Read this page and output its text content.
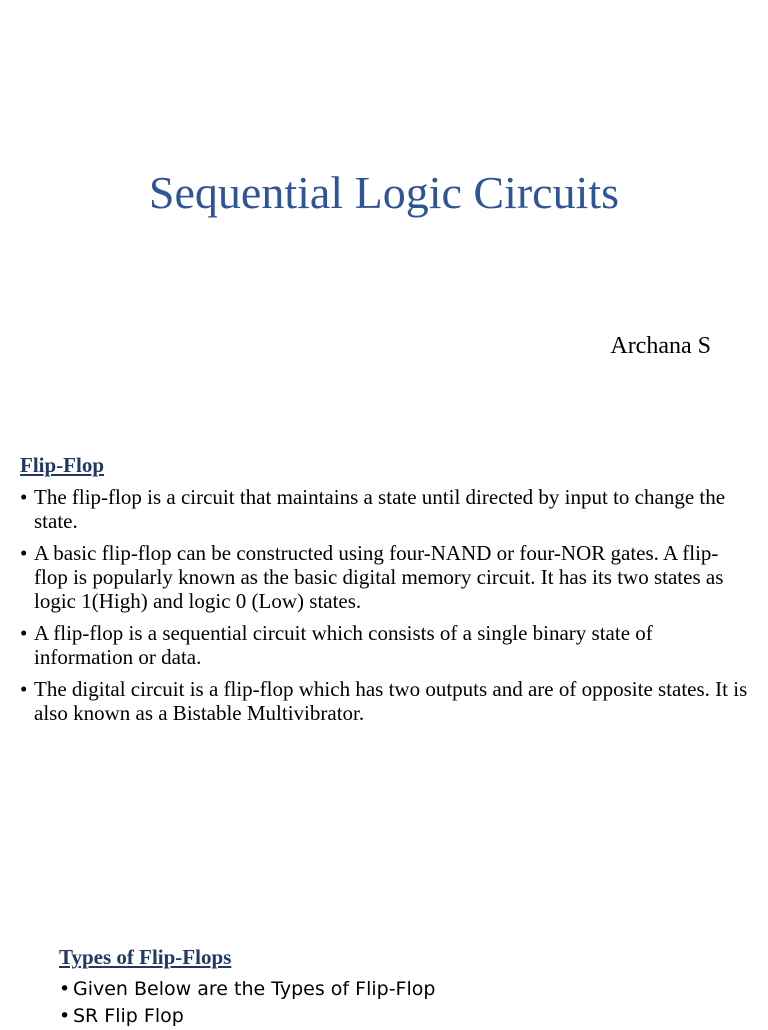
Sequential Logic Circuits

Archana S

Flip-Flop
• The flip-flop is a circuit that maintains a state until directed by input to change the state.
• A basic flip-flop can be constructed using four-NAND or four-NOR gates. A flip-flop is popularly known as the basic digital memory circuit. It has its two states as logic 1(High) and logic 0 (Low) states.
• A flip-flop is a sequential circuit which consists of a single binary state of information or data.
• The digital circuit is a flip-flop which has two outputs and are of opposite states. It is also known as a Bistable Multivibrator.
Types of Flip-Flops
• Given Below are the Types of Flip-Flop
• SR Flip Flop
